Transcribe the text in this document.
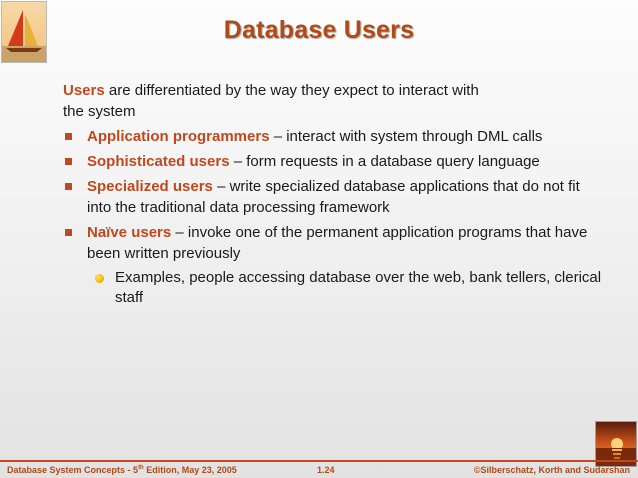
Database Users

Users are differentiated by the way they expect to interact with
the system

Application programmers – interact with system through DML calls
Sophisticated users – form requests in a database query language
Specialized users – write specialized database applications that do not fit into the traditional data processing framework
Naïve users – invoke one of the permanent application programs that have been written previously
Examples, people accessing database over the web, bank tellers, clerical staff
Database System Concepts - 5th Edition, May 23, 2005	1.24	©Silberschatz, Korth and Sudarshan
